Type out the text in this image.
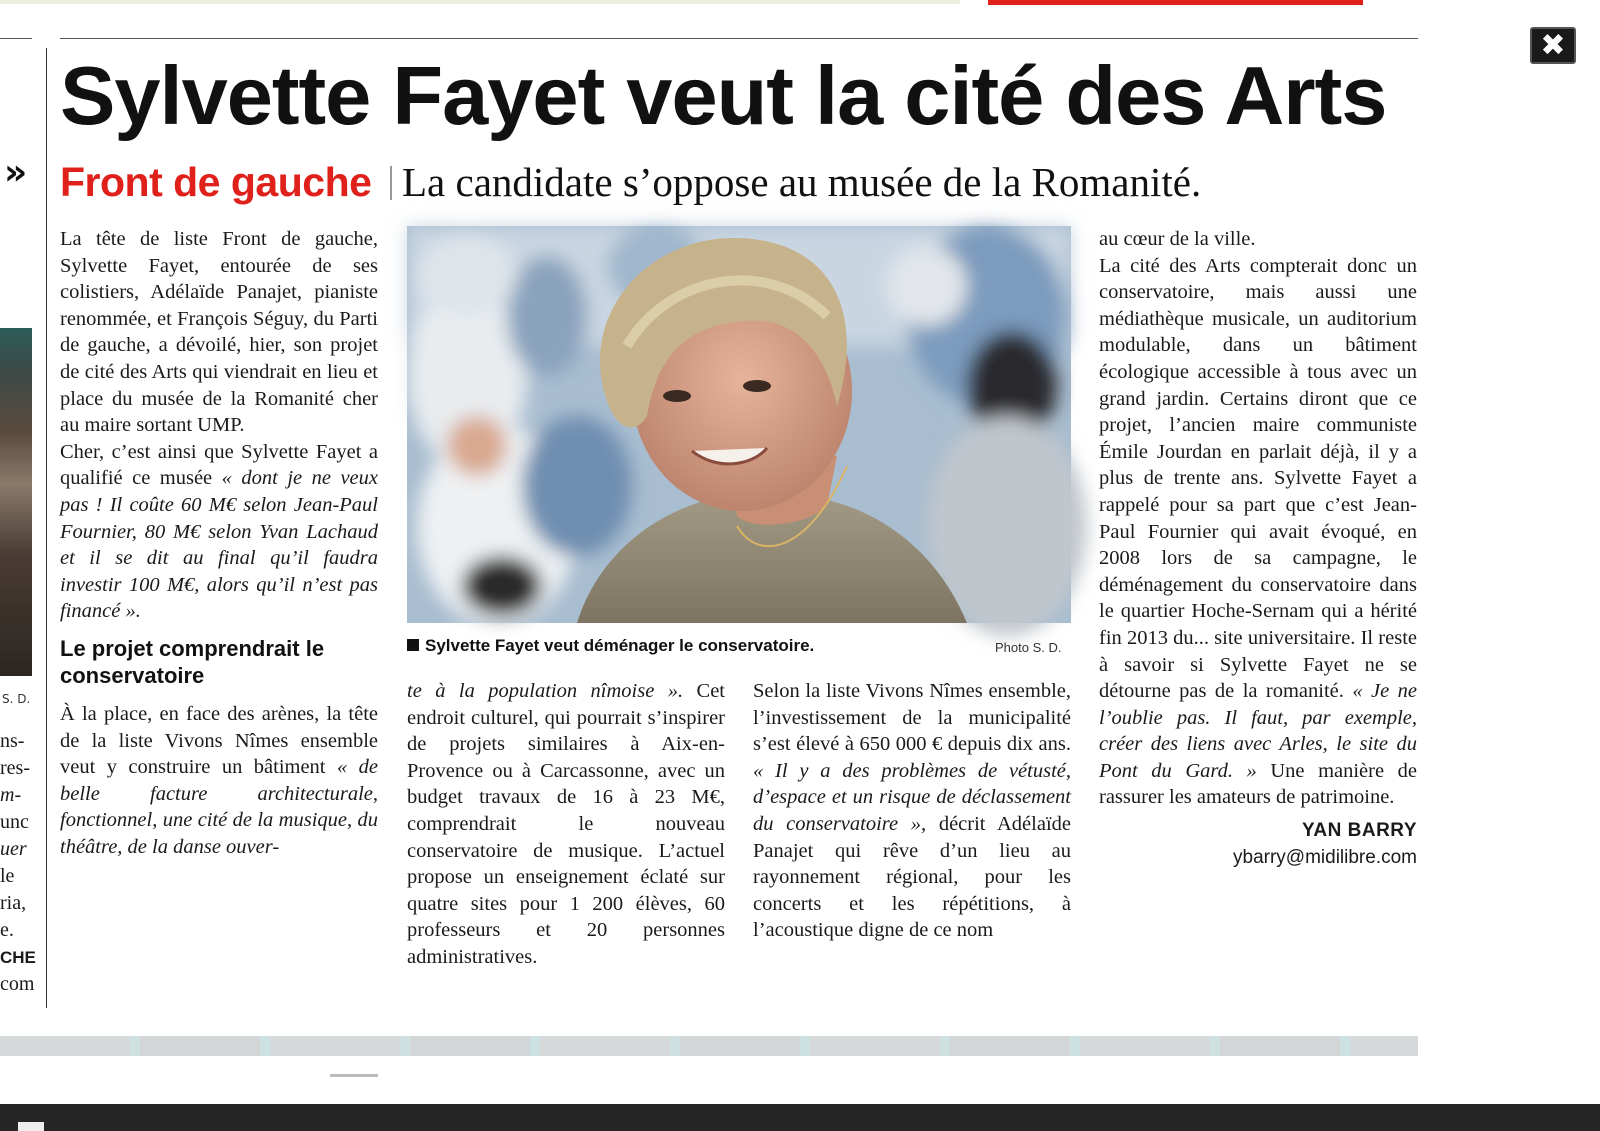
✖
»
S. D.
ns-
res-
m-
unc
uer
le
ria,
e.
CHE
com
Sylvette Fayet veut la cité des Arts
Front de gauche La candidate s’oppose au musée de la Romanité.

La tête de liste Front de gauche, Sylvette Fayet, entourée de ses colistiers, Adélaïde Panajet, pianiste renommée, et François Séguy, du Parti de gauche, a dévoilé, hier, son projet de cité des Arts qui viendrait en lieu et place du musée de la Romanité cher au maire sortant UMP.

Cher, c’est ainsi que Sylvette Fayet a qualifié ce musée « dont je ne veux pas ! Il coûte 60 M€ selon Jean-Paul Fournier, 80 M€ selon Yvan Lachaud et il se dit au final qu’il faudra investir 100 M€, alors qu’il n’est pas financé ».

Le projet comprendrait le conservatoire

À la place, en face des arènes, la tête de la liste Vivons Nîmes ensemble veut y construire un bâtiment « de belle facture architecturale, fonctionnel, une cité de la musique, du théâtre, de la danse ouver-

Sylvette Fayet veut déménager le conservatoire.	Photo S. D.

te à la population nîmoise ». Cet endroit culturel, qui pourrait s’inspirer de projets similaires à Aix-en-Provence ou à Carcassonne, avec un budget travaux de 16 à 23 M€, comprendrait le nouveau conservatoire de musique. L’actuel propose un enseignement éclaté sur quatre sites pour 1 200 élèves, 60 professeurs et 20 personnes administratives.

Selon la liste Vivons Nîmes ensemble, l’investissement de la municipalité s’est élevé à 650 000 € depuis dix ans. « Il y a des problèmes de vétusté, d’espace et un risque de déclassement du conservatoire », décrit Adélaïde Panajet qui rêve d’un lieu au rayonnement régional, pour les concerts et les répétitions, à l’acoustique digne de ce nom

au cœur de la ville.

La cité des Arts compterait donc un conservatoire, mais aussi une médiathèque musicale, un auditorium modulable, dans un bâtiment écologique accessible à tous avec un grand jardin. Certains diront que ce projet, l’ancien maire communiste Émile Jourdan en parlait déjà, il y a plus de trente ans. Sylvette Fayet a rappelé pour sa part que c’est Jean-Paul Fournier qui avait évoqué, en 2008 lors de sa campagne, le déménagement du conservatoire dans le quartier Hoche-Sernam qui a hérité fin 2013 du... site universitaire. Il reste à savoir si Sylvette Fayet ne se détourne pas de la romanité. « Je ne l’oublie pas. Il faut, par exemple, créer des liens avec Arles, le site du Pont du Gard. » Une manière de rassurer les amateurs de patrimoine.

YAN BARRY
ybarry@midilibre.com
